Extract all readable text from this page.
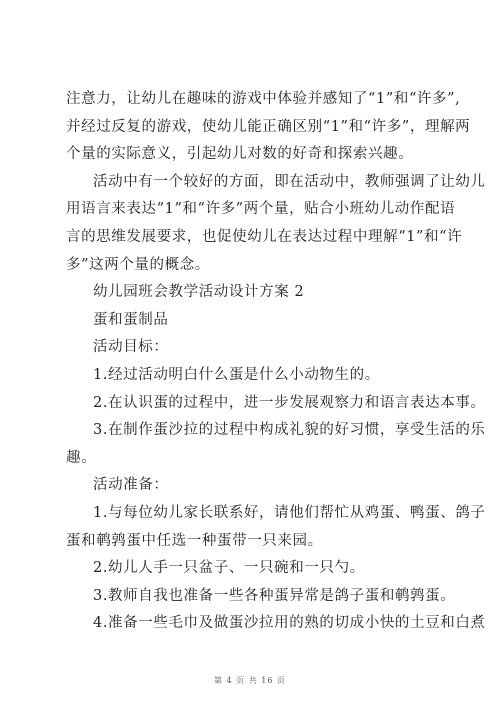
注意力，让幼儿在趣味的游戏中体验并感知了“1”和“许多”,
并经过反复的游戏，使幼儿能正确区别“1”和“许多”，理解两
个量的实际意义，引起幼儿对数的好奇和探索兴趣。
活动中有一个较好的方面，即在活动中，教师强调了让幼儿
用语言来表达“1”和“许多”两个量，贴合小班幼儿动作配语
言的思维发展要求，也促使幼儿在表达过程中理解“1”和“许
多”这两个量的概念。
幼儿园班会教学活动设计方案 2
蛋和蛋制品
活动目标：
1.经过活动明白什么蛋是什么小动物生的。
2.在认识蛋的过程中，进一步发展观察力和语言表达本事。
3.在制作蛋沙拉的过程中构成礼貌的好习惯，享受生活的乐
趣。
活动准备：
1.与每位幼儿家长联系好，请他们帮忙从鸡蛋、鸭蛋、鸽子
蛋和鹌鹑蛋中任选一种蛋带一只来园。
2.幼儿人手一只盆子、一只碗和一只勺。
3.教师自我也准备一些各种蛋异常是鸽子蛋和鹌鹑蛋。
4.准备一些毛巾及做蛋沙拉用的熟的切成小快的土豆和白煮
第 4 页 共 16 页
